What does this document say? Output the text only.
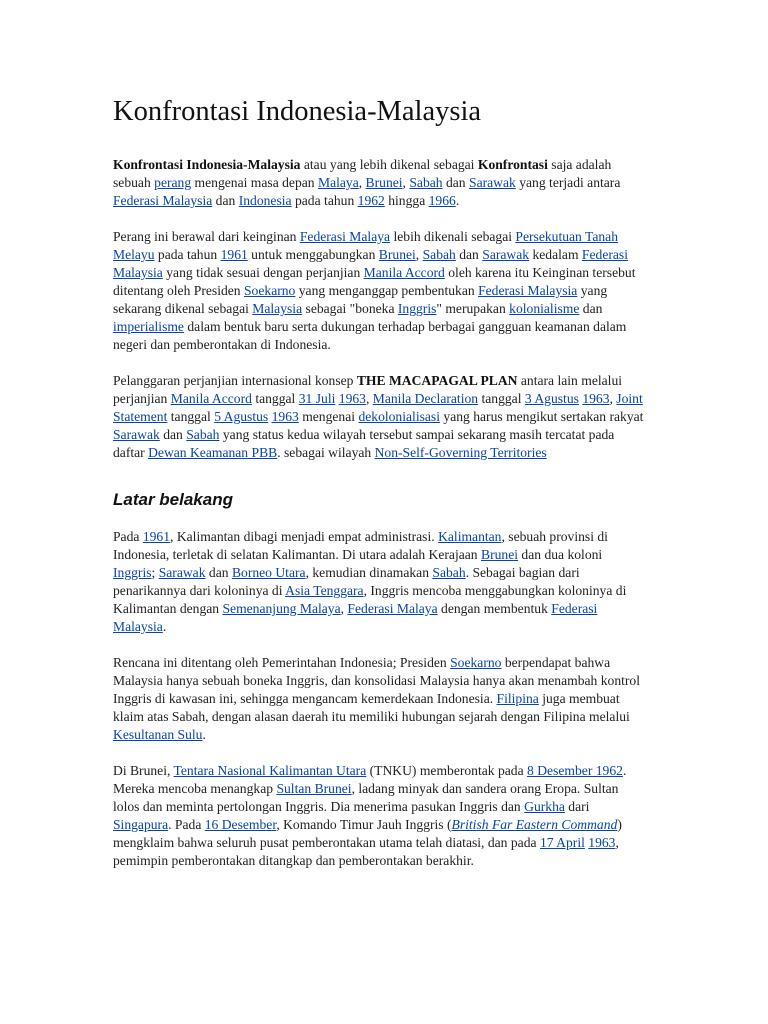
Konfrontasi Indonesia-Malaysia

Konfrontasi Indonesia-Malaysia atau yang lebih dikenal sebagai Konfrontasi saja adalah sebuah perang mengenai masa depan Malaya, Brunei, Sabah dan Sarawak yang terjadi antara Federasi Malaysia dan Indonesia pada tahun 1962 hingga 1966.

Perang ini berawal dari keinginan Federasi Malaya lebih dikenali sebagai Persekutuan Tanah Melayu pada tahun 1961 untuk menggabungkan Brunei, Sabah dan Sarawak kedalam Federasi Malaysia yang tidak sesuai dengan perjanjian Manila Accord oleh karena itu Keinginan tersebut ditentang oleh Presiden Soekarno yang menganggap pembentukan Federasi Malaysia yang sekarang dikenal sebagai Malaysia sebagai "boneka Inggris" merupakan kolonialisme dan imperialisme dalam bentuk baru serta dukungan terhadap berbagai gangguan keamanan dalam negeri dan pemberontakan di Indonesia.

Pelanggaran perjanjian internasional konsep THE MACAPAGAL PLAN antara lain melalui perjanjian Manila Accord tanggal 31 Juli 1963, Manila Declaration tanggal 3 Agustus 1963, Joint Statement tanggal 5 Agustus 1963 mengenai dekolonialisasi yang harus mengikut sertakan rakyat Sarawak dan Sabah yang status kedua wilayah tersebut sampai sekarang masih tercatat pada daftar Dewan Keamanan PBB. sebagai wilayah Non-Self-Governing Territories

Latar belakang

Pada 1961, Kalimantan dibagi menjadi empat administrasi. Kalimantan, sebuah provinsi di Indonesia, terletak di selatan Kalimantan. Di utara adalah Kerajaan Brunei dan dua koloni Inggris; Sarawak dan Borneo Utara, kemudian dinamakan Sabah. Sebagai bagian dari penarikannya dari koloninya di Asia Tenggara, Inggris mencoba menggabungkan koloninya di Kalimantan dengan Semenanjung Malaya, Federasi Malaya dengan membentuk Federasi Malaysia.

Rencana ini ditentang oleh Pemerintahan Indonesia; Presiden Soekarno berpendapat bahwa Malaysia hanya sebuah boneka Inggris, dan konsolidasi Malaysia hanya akan menambah kontrol Inggris di kawasan ini, sehingga mengancam kemerdekaan Indonesia. Filipina juga membuat klaim atas Sabah, dengan alasan daerah itu memiliki hubungan sejarah dengan Filipina melalui Kesultanan Sulu.

Di Brunei, Tentara Nasional Kalimantan Utara (TNKU) memberontak pada 8 Desember 1962. Mereka mencoba menangkap Sultan Brunei, ladang minyak dan sandera orang Eropa. Sultan lolos dan meminta pertolongan Inggris. Dia menerima pasukan Inggris dan Gurkha dari Singapura. Pada 16 Desember, Komando Timur Jauh Inggris (British Far Eastern Command) mengklaim bahwa seluruh pusat pemberontakan utama telah diatasi, dan pada 17 April 1963, pemimpin pemberontakan ditangkap dan pemberontakan berakhir.
